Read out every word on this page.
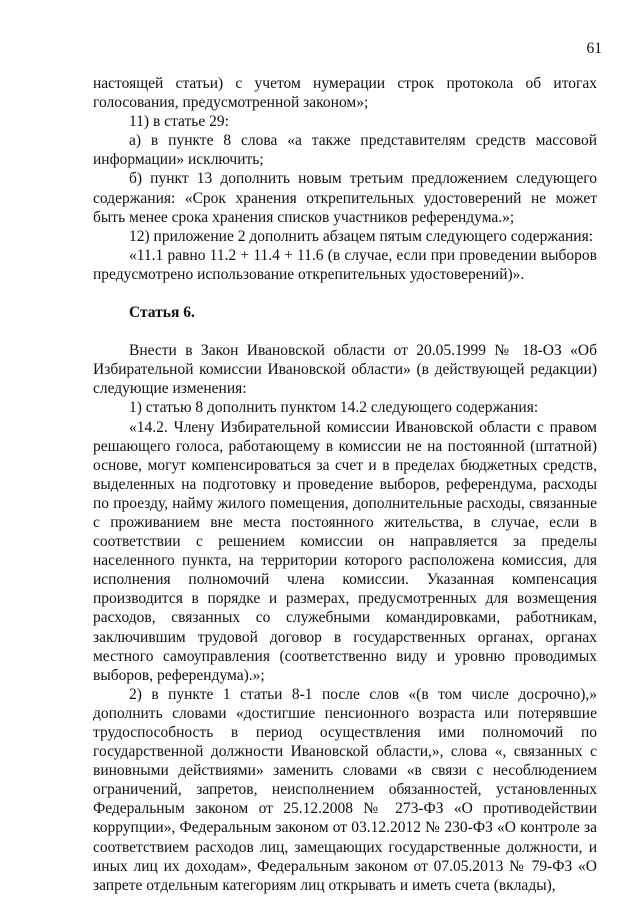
61

настоящей статьи) с учетом нумерации строк протокола об итогах голосования, предусмотренной законом»;

11) в статье 29:

а) в пункте 8 слова «а также представителям средств массовой информации» исключить;

б) пункт 13 дополнить новым третьим предложением следующего содержания: «Срок хранения открепительных удостоверений не может быть менее срока хранения списков участников референдума.»;

12) приложение 2 дополнить абзацем пятым следующего содержания:

«11.1 равно 11.2 + 11.4 + 11.6 (в случае, если при проведении выборов предусмотрено использование открепительных удостоверений)».

Статья 6.

Внести в Закон Ивановской области от 20.05.1999 № 18-ОЗ «Об Избирательной комиссии Ивановской области» (в действующей редакции) следующие изменения:

1) статью 8 дополнить пунктом 14.2 следующего содержания:

«14.2. Члену Избирательной комиссии Ивановской области с правом решающего голоса, работающему в комиссии не на постоянной (штатной) основе, могут компенсироваться за счет и в пределах бюджетных средств, выделенных на подготовку и проведение выборов, референдума, расходы по проезду, найму жилого помещения, дополнительные расходы, связанные с проживанием вне места постоянного жительства, в случае, если в соответствии с решением комиссии он направляется за пределы населенного пункта, на территории которого расположена комиссия, для исполнения полномочий члена комиссии. Указанная компенсация производится в порядке и размерах, предусмотренных для возмещения расходов, связанных со служебными командировками, работникам, заключившим трудовой договор в государственных органах, органах местного самоуправления (соответственно виду и уровню проводимых выборов, референдума).»;

2) в пункте 1 статьи 8-1 после слов «(в том числе досрочно),» дополнить словами «достигшие пенсионного возраста или потерявшие трудоспособность в период осуществления ими полномочий по государственной должности Ивановской области,», слова «, связанных с виновными действиями» заменить словами «в связи с несоблюдением ограничений, запретов, неисполнением обязанностей, установленных Федеральным законом от 25.12.2008 № 273-ФЗ «О противодействии коррупции», Федеральным законом от 03.12.2012 № 230-ФЗ «О контроле за соответствием расходов лиц, замещающих государственные должности, и иных лиц их доходам», Федеральным законом от 07.05.2013 № 79-ФЗ «О запрете отдельным категориям лиц открывать и иметь счета (вклады),
